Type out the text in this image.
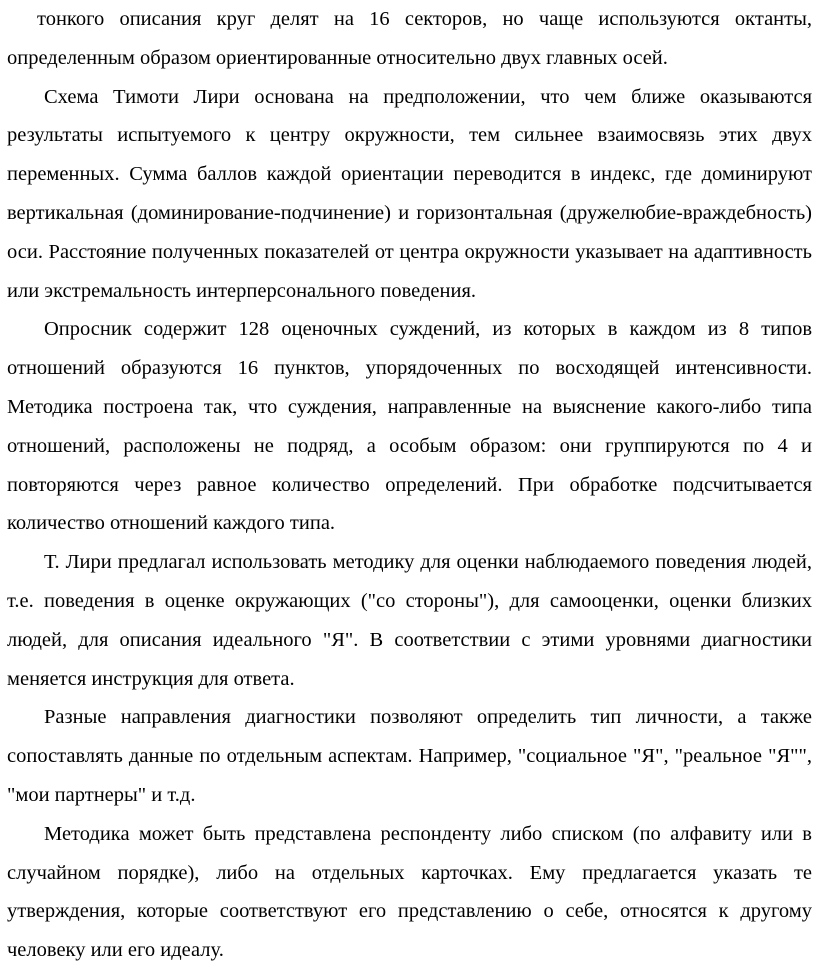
тонкого описания круг делят на 16 секторов, но чаще используются октанты, определенным образом ориентированные относительно двух главных осей.

Схема Тимоти Лири основана на предположении, что чем ближе оказываются результаты испытуемого к центру окружности, тем сильнее взаимосвязь этих двух переменных. Сумма баллов каждой ориентации переводится в индекс, где доминируют вертикальная (доминирование-подчинение) и горизонтальная (дружелюбие-враждебность) оси. Расстояние полученных показателей от центра окружности указывает на адаптивность или экстремальность интерперсонального поведения.

Опросник содержит 128 оценочных суждений, из которых в каждом из 8 типов отношений образуются 16 пунктов, упорядоченных по восходящей интенсивности. Методика построена так, что суждения, направленные на выяснение какого-либо типа отношений, расположены не подряд, а особым образом: они группируются по 4 и повторяются через равное количество определений. При обработке подсчитывается количество отношений каждого типа.

Т. Лири предлагал использовать методику для оценки наблюдаемого поведения людей, т.е. поведения в оценке окружающих ("со стороны"), для самооценки, оценки близких людей, для описания идеального "Я". В соответствии с этими уровнями диагностики меняется инструкция для ответа.

Разные направления диагностики позволяют определить тип личности, а также сопоставлять данные по отдельным аспектам. Например, "социальное "Я", "реальное "Я"", "мои партнеры" и т.д.

Методика может быть представлена респонденту либо списком (по алфавиту или в случайном порядке), либо на отдельных карточках. Ему предлагается указать те утверждения, которые соответствуют его представлению о себе, относятся к другому человеку или его идеалу.
